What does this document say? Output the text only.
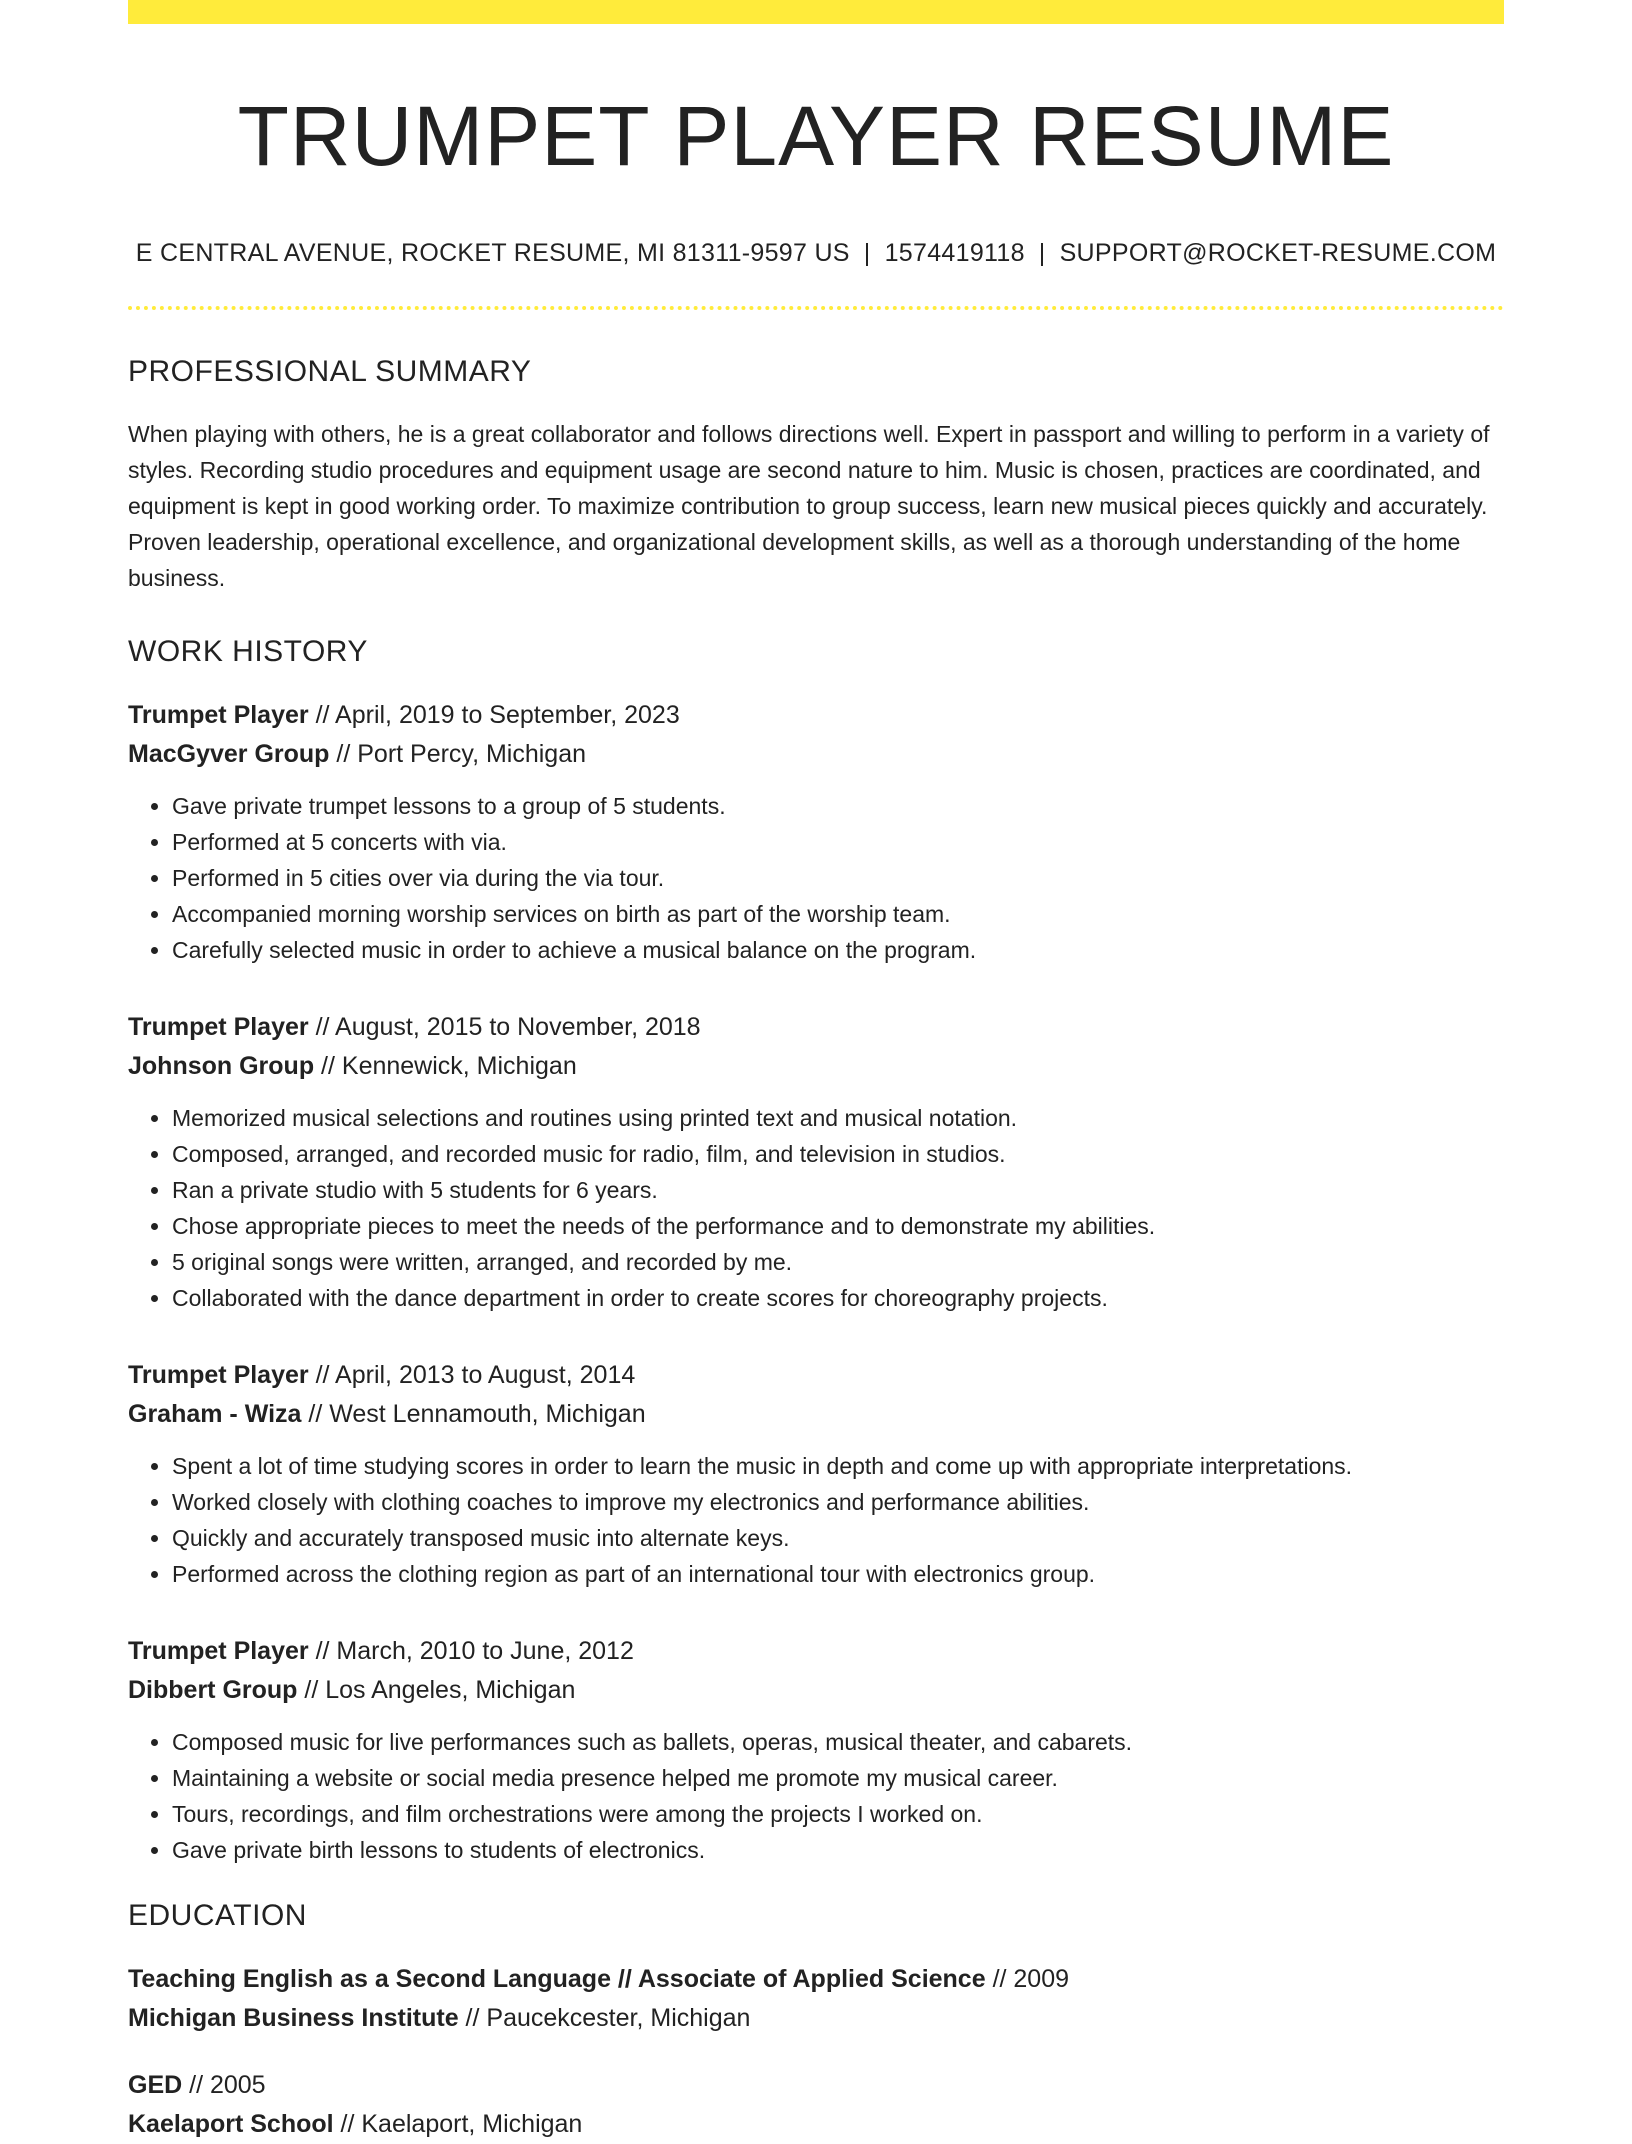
TRUMPET PLAYER RESUME
E CENTRAL AVENUE, ROCKET RESUME, MI 81311-9597 US | 1574419118 | SUPPORT@ROCKET-RESUME.COM
PROFESSIONAL SUMMARY

When playing with others, he is a great collaborator and follows directions well. Expert in passport and willing to perform in a variety of styles. Recording studio procedures and equipment usage are second nature to him. Music is chosen, practices are coordinated, and equipment is kept in good working order. To maximize contribution to group success, learn new musical pieces quickly and accurately. Proven leadership, operational excellence, and organizational development skills, as well as a thorough understanding of the home business.

WORK HISTORY
Trumpet Player // April, 2019 to September, 2023
MacGyver Group // Port Percy, Michigan
• Gave private trumpet lessons to a group of 5 students.
• Performed at 5 concerts with via.
• Performed in 5 cities over via during the via tour.
• Accompanied morning worship services on birth as part of the worship team.
• Carefully selected music in order to achieve a musical balance on the program.
Trumpet Player // August, 2015 to November, 2018
Johnson Group // Kennewick, Michigan
• Memorized musical selections and routines using printed text and musical notation.
• Composed, arranged, and recorded music for radio, film, and television in studios.
• Ran a private studio with 5 students for 6 years.
• Chose appropriate pieces to meet the needs of the performance and to demonstrate my abilities.
• 5 original songs were written, arranged, and recorded by me.
• Collaborated with the dance department in order to create scores for choreography projects.
Trumpet Player // April, 2013 to August, 2014
Graham - Wiza // West Lennamouth, Michigan
• Spent a lot of time studying scores in order to learn the music in depth and come up with appropriate interpretations.
• Worked closely with clothing coaches to improve my electronics and performance abilities.
• Quickly and accurately transposed music into alternate keys.
• Performed across the clothing region as part of an international tour with electronics group.
Trumpet Player // March, 2010 to June, 2012
Dibbert Group // Los Angeles, Michigan
• Composed music for live performances such as ballets, operas, musical theater, and cabarets.
• Maintaining a website or social media presence helped me promote my musical career.
• Tours, recordings, and film orchestrations were among the projects I worked on.
• Gave private birth lessons to students of electronics.
EDUCATION
Teaching English as a Second Language // Associate of Applied Science // 2009
Michigan Business Institute // Paucekcester, Michigan
GED // 2005
Kaelaport School // Kaelaport, Michigan
